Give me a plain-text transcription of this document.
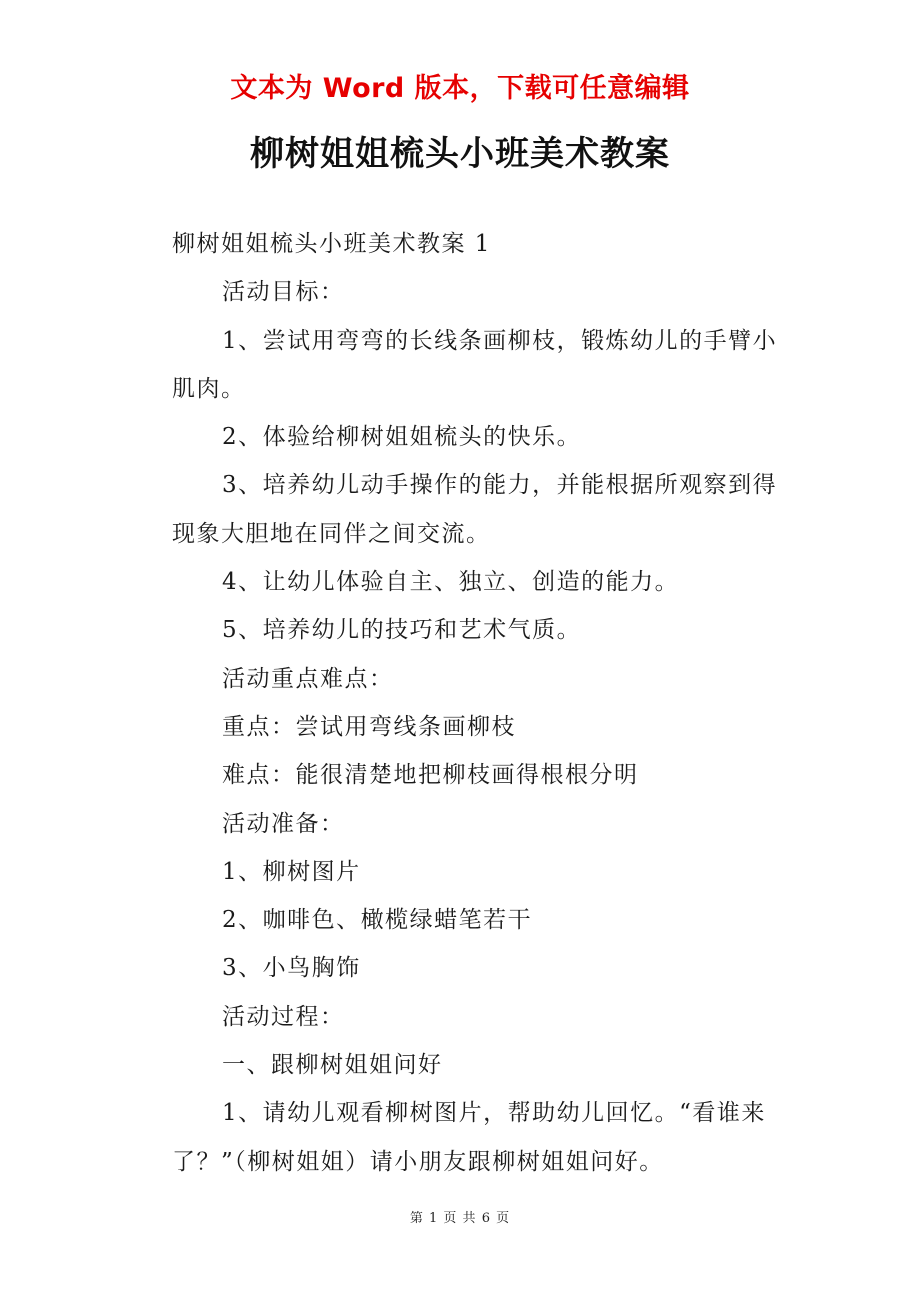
文本为 Word 版本，下载可任意编辑
柳树姐姐梳头小班美术教案

柳树姐姐梳头小班美术教案 1

活动目标：

1、尝试用弯弯的长线条画柳枝，锻炼幼儿的手臂小肌肉。

2、体验给柳树姐姐梳头的快乐。

3、培养幼儿动手操作的能力，并能根据所观察到得现象大胆地在同伴之间交流。

4、让幼儿体验自主、独立、创造的能力。

5、培养幼儿的技巧和艺术气质。

活动重点难点：

重点：尝试用弯线条画柳枝

难点：能很清楚地把柳枝画得根根分明

活动准备：

1、柳树图片

2、咖啡色、橄榄绿蜡笔若干

3、小鸟胸饰

活动过程：

一、跟柳树姐姐问好

1、请幼儿观看柳树图片，帮助幼儿回忆。“看谁来了？”（柳树姐姐）请小朋友跟柳树姐姐问好。

第 1 页 共 6 页
